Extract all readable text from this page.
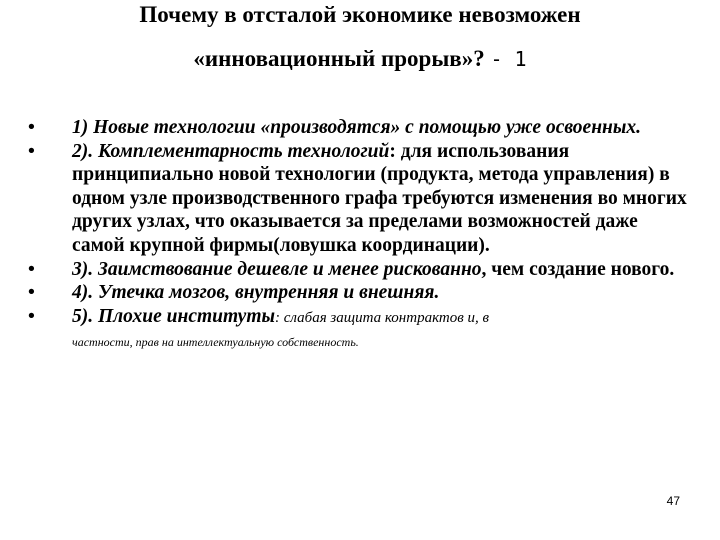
Почему в отсталой экономике невозможен
«инновационный прорыв»? - 1
• 1) Новые технологии «производятся» с помощью уже освоенных.
• 2). Комплементарность технологий: для использования принципиально новой технологии (продукта, метода управления) в одном узле производственного графа требуются изменения во многих других узлах, что оказывается за пределами возможностей даже самой крупной фирмы(ловушка координации).
• 3). Заимствование дешевле и менее рискованно, чем создание нового.
• 4). Утечка мозгов, внутренняя и внешняя.
• 5). Плохие институты: слабая защита контрактов и, в
частности, прав на интеллектуальную собственность.
47
